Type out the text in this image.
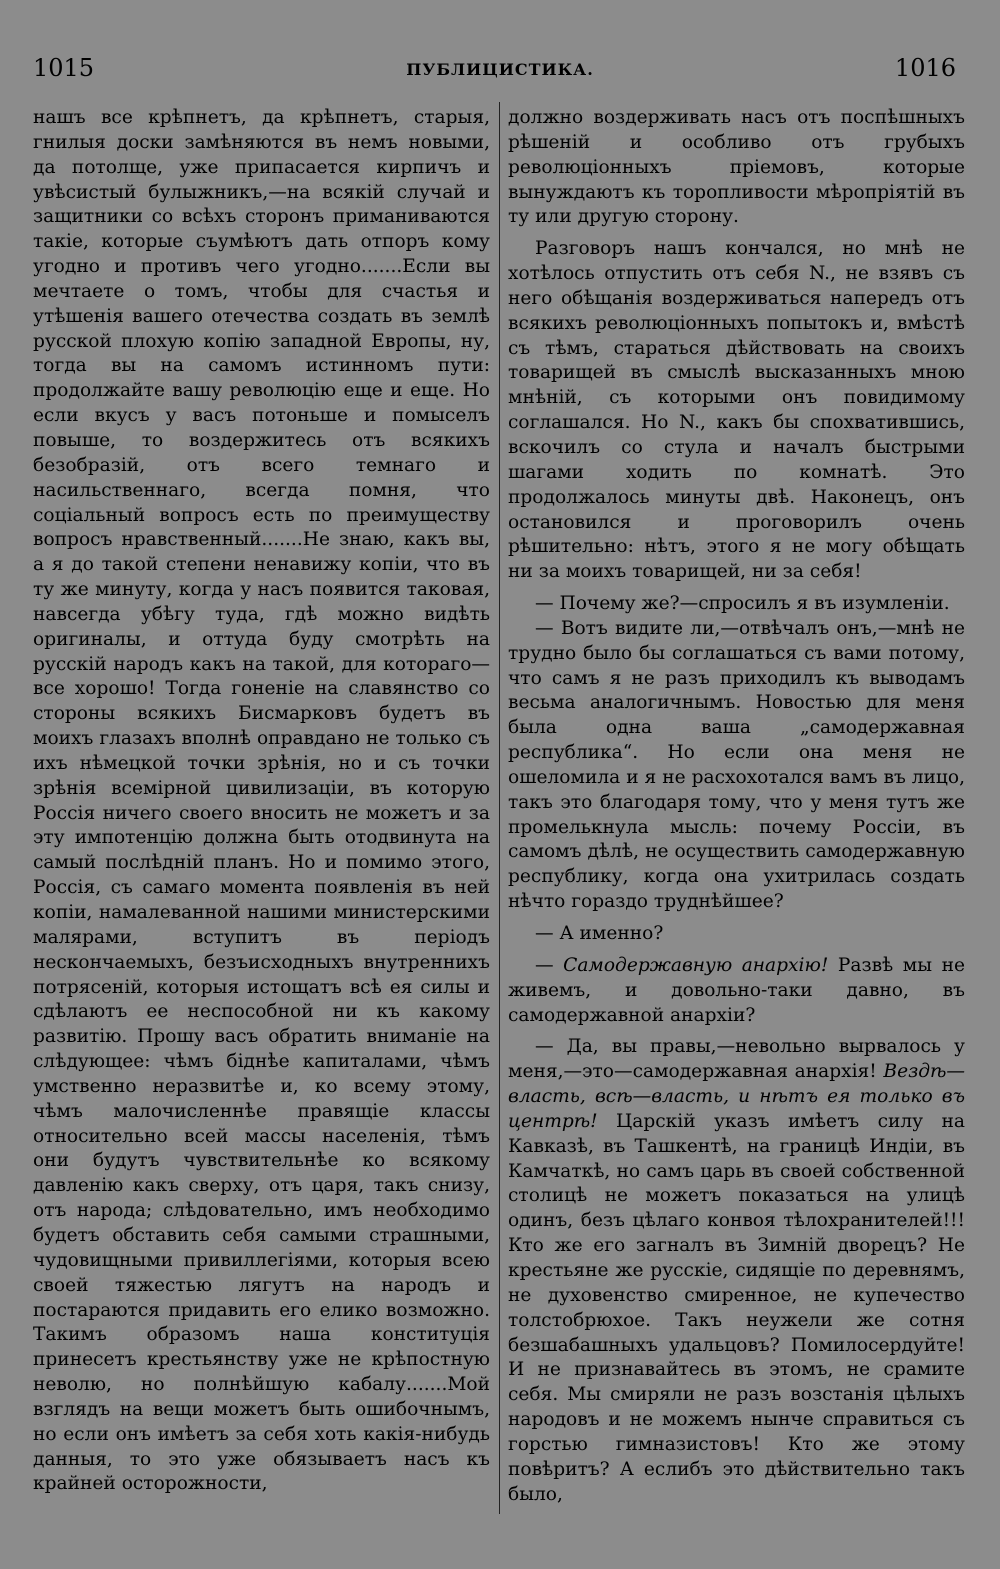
1015	ПУБЛИЦИСТИКА.	1016

нашъ все крѣпнетъ, да крѣпнетъ, старыя, гнилыя доски замѣняются въ немъ новыми, да потолще, уже припасается кирпичъ и увѣсистый булыжникъ,—на всякій случай и защитники со всѣхъ сторонъ приманиваются такіе, которые съумѣютъ дать отпоръ кому угодно и противъ чего угодно.......Если вы мечтаете о томъ, чтобы для счастья и утѣшенія вашего отечества создать въ землѣ русской плохую копію западной Европы, ну, тогда вы на самомъ истинномъ пути: продолжайте вашу революцію еще и еще. Но если вкусъ у васъ потоньше и помыселъ повыше, то воздержитесь отъ всякихъ безобразій, отъ всего темнаго и насильственнаго, всегда помня, что соціальный вопросъ есть по преимуществу вопросъ нравственный.......Не знаю, какъ вы, а я до такой степени ненавижу копіи, что въ ту же минуту, когда у насъ появится таковая, навсегда убѣгу туда, гдѣ можно видѣть оригиналы, и оттуда буду смотрѣть на русскій народъ какъ на такой, для котораго—все хорошо! Тогда гоненіе на славянство со стороны всякихъ Бисмарковъ будетъ въ моихъ глазахъ вполнѣ оправдано не только съ ихъ нѣмецкой точки зрѣнія, но и съ точки зрѣнія всемірной цивилизаціи, въ которую Россія ничего своего вносить не можетъ и за эту импотенцію должна быть отодвинута на самый послѣдній планъ. Но и помимо этого, Россія, съ самаго момента появленія въ ней копіи, намалеванной нашими министерскими малярами, вступитъ въ періодъ нескончаемыхъ, безъисходныхъ внутреннихъ потрясеній, которыя истощатъ всѣ ея силы и сдѣлаютъ ее неспособной ни къ какому развитію. Прошу васъ обратить вниманіе на слѣдующее: чѣмъ біднѣе капиталами, чѣмъ умственно неразвитѣе и, ко всему этому, чѣмъ малочисленнѣе правящіе классы относительно всей массы населенія, тѣмъ они будутъ чувствительнѣе ко всякому давленію какъ сверху, отъ царя, такъ снизу, отъ народа; слѣдовательно, имъ необходимо будетъ обставить себя самыми страшными, чудовищными привиллегіями, которыя всею своей тяжестью лягутъ на народъ и постараются придавить его елико возможно. Такимъ образомъ наша конституція принесетъ крестьянству уже не крѣпостную неволю, но полнѣйшую кабалу.......Мой взглядъ на вещи можетъ быть ошибочнымъ, но если онъ имѣетъ за себя хоть какія-нибудь данныя, то это уже обязываетъ насъ къ крайней осторожности,

должно воздерживать насъ отъ поспѣшныхъ рѣшеній и особливо отъ грубыхъ революціонныхъ пріемовъ, которые вынуждаютъ къ торопливости мѣропріятій въ ту или другую сторону.

Разговоръ нашъ кончался, но мнѣ не хотѣлось отпустить отъ себя N., не взявъ съ него обѣщанія воздерживаться напередъ отъ всякихъ революціонныхъ попытокъ и, вмѣстѣ съ тѣмъ, стараться дѣйствовать на своихъ товарищей въ смыслѣ высказанныхъ мною мнѣній, съ которыми онъ повидимому соглашался. Но N., какъ бы спохватившись, вскочилъ со стула и началъ быстрыми шагами ходить по комнатѣ. Это продолжалось минуты двѣ. Наконецъ, онъ остановился и проговорилъ очень рѣшительно: нѣтъ, этого я не могу обѣщать ни за моихъ товарищей, ни за себя!

— Почему же?—спросилъ я въ изумленіи.

— Вотъ видите ли,—отвѣчалъ онъ,—мнѣ не трудно было бы соглашаться съ вами потому, что самъ я не разъ приходилъ къ выводамъ весьма аналогичнымъ. Новостью для меня была одна ваша „самодержавная республика“. Но если она меня не ошеломила и я не расхохотался вамъ въ лицо, такъ это благодаря тому, что у меня тутъ же промелькнула мысль: почему Россіи, въ самомъ дѣлѣ, не осуществить самодержавную республику, когда она ухитрилась создать нѣчто гораздо труднѣйшее?

— А именно?

— Самодержавную анархію! Развѣ мы не живемъ, и довольно-таки давно, въ самодержавной анархіи?

— Да, вы правы,—невольно вырвалось у меня,—это—самодержавная анархія! Вездѣ—власть, всѣ—власть, и нѣтъ ея только въ центрѣ! Царскій указъ имѣетъ силу на Кавказѣ, въ Ташкентѣ, на границѣ Индіи, въ Камчаткѣ, но самъ царь въ своей собственной столицѣ не можетъ показаться на улицѣ одинъ, безъ цѣлаго конвоя тѣлохранителей!!! Кто же его загналъ въ Зимній дворецъ? Не крестьяне же русскіе, сидящіе по деревнямъ, не духовенство смиренное, не купечество толстобрюхое. Такъ неужели же сотня безшабашныхъ удальцовъ? Помилосердуйте! И не признавайтесь въ этомъ, не срамите себя. Мы смиряли не разъ возстанія цѣлыхъ народовъ и не можемъ нынче справиться съ горстью гимназистовъ! Кто же этому повѣритъ? А еслибъ это дѣйствительно такъ было,
